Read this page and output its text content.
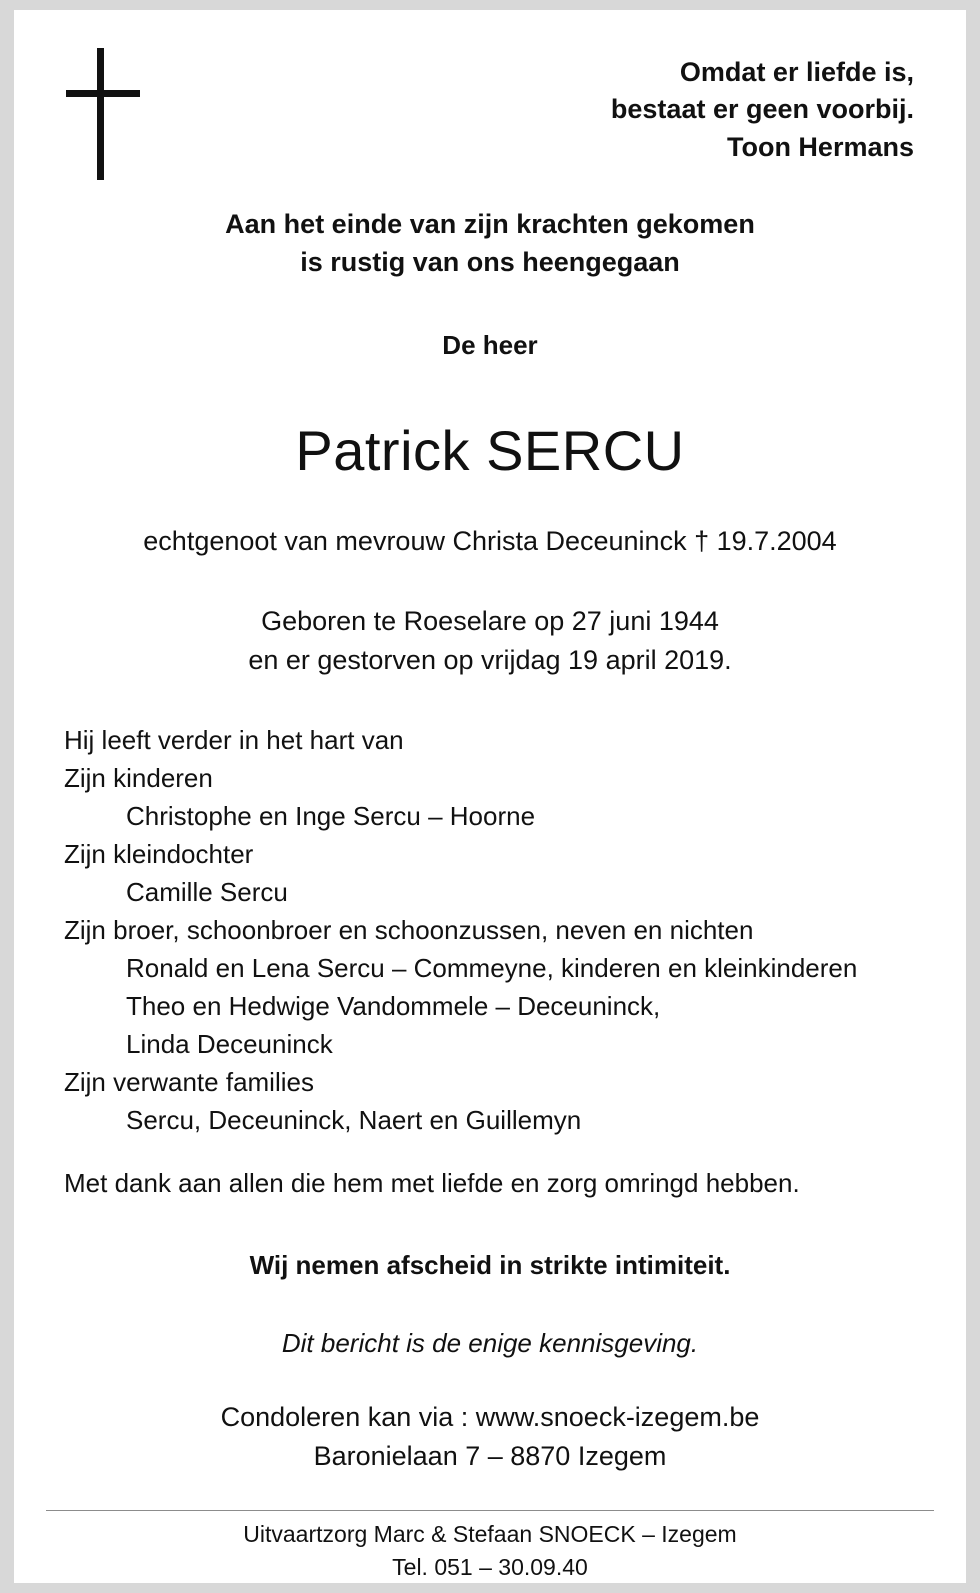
Omdat er liefde is,
bestaat er geen voorbij.
Toon Hermans
Aan het einde van zijn krachten gekomen
is rustig van ons heengegaan
De heer
Patrick SERCU
echtgenoot van mevrouw Christa Deceuninck † 19.7.2004
Geboren te Roeselare op 27 juni 1944
en er gestorven op vrijdag 19 april 2019.
Hij leeft verder in het hart van
Zijn kinderen
Christophe en Inge Sercu – Hoorne
Zijn kleindochter
Camille Sercu
Zijn broer, schoonbroer en schoonzussen, neven en nichten
Ronald en Lena Sercu – Commeyne, kinderen en kleinkinderen
Theo en Hedwige Vandommele – Deceuninck,
Linda Deceuninck
Zijn verwante families
Sercu, Deceuninck, Naert en Guillemyn
Met dank aan allen die hem met liefde en zorg omringd hebben.
Wij nemen afscheid in strikte intimiteit.
Dit bericht is de enige kennisgeving.
Condoleren kan via : www.snoeck-izegem.be
Baronielaan 7 – 8870 Izegem
Uitvaartzorg Marc & Stefaan SNOECK – Izegem
Tel. 051 – 30.09.40
